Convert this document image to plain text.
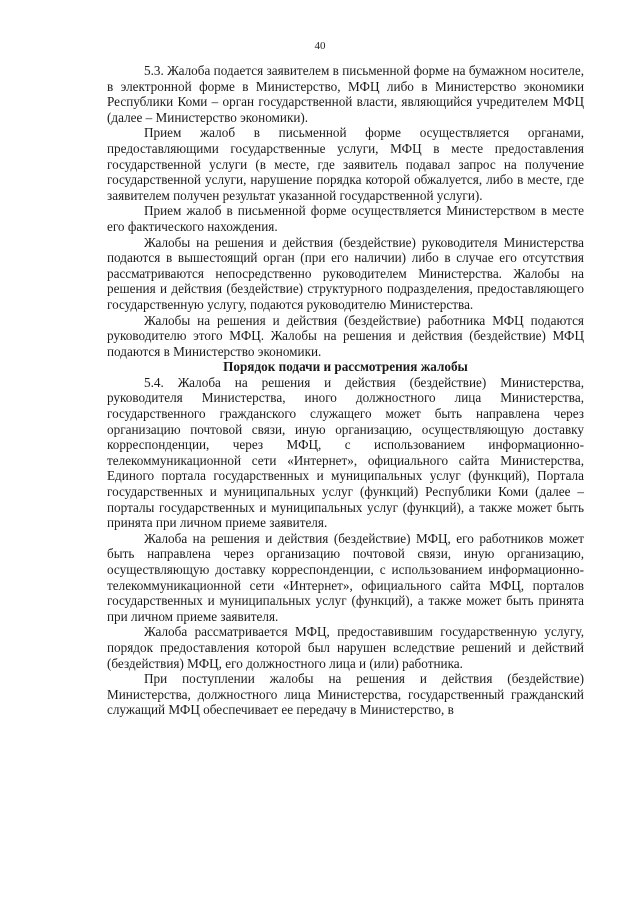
40

5.3. Жалоба подается заявителем в письменной форме на бумажном носителе, в электронной форме в Министерство, МФЦ либо в Министерство экономики Республики Коми – орган государственной власти, являющийся учредителем МФЦ (далее – Министерство экономики).

Прием жалоб в письменной форме осуществляется органами, предоставляющими государственные услуги, МФЦ в месте предоставления государственной услуги (в месте, где заявитель подавал запрос на получение государственной услуги, нарушение порядка которой обжалуется, либо в месте, где заявителем получен результат указанной государственной услуги).

Прием жалоб в письменной форме осуществляется Министерством в месте его фактического нахождения.

Жалобы на решения и действия (бездействие) руководителя Министерства подаются в вышестоящий орган (при его наличии) либо в случае его отсутствия рассматриваются непосредственно руководителем Министерства. Жалобы на решения и действия (бездействие) структурного подразделения, предоставляющего государственную услугу, подаются руководителю Министерства.

Жалобы на решения и действия (бездействие) работника МФЦ подаются руководителю этого МФЦ. Жалобы на решения и действия (бездействие) МФЦ подаются в Министерство экономики.

Порядок подачи и рассмотрения жалобы

5.4. Жалоба на решения и действия (бездействие) Министерства, руководителя Министерства, иного должностного лица Министерства, государственного гражданского служащего может быть направлена через организацию почтовой связи, иную организацию, осуществляющую доставку корреспонденции, через МФЦ, с использованием информационно-телекоммуникационной сети «Интернет», официального сайта Министерства, Единого портала государственных и муниципальных услуг (функций), Портала государственных и муниципальных услуг (функций) Республики Коми (далее – порталы государственных и муниципальных услуг (функций), а также может быть принята при личном приеме заявителя.

Жалоба на решения и действия (бездействие) МФЦ, его работников может быть направлена через организацию почтовой связи, иную организацию, осуществляющую доставку корреспонденции, с использованием информационно-телекоммуникационной сети «Интернет», официального сайта МФЦ, порталов государственных и муниципальных услуг (функций), а также может быть принята при личном приеме заявителя.

Жалоба рассматривается МФЦ, предоставившим государственную услугу, порядок предоставления которой был нарушен вследствие решений и действий (бездействия) МФЦ, его должностного лица и (или) работника.

При поступлении жалобы на решения и действия (бездействие) Министерства, должностного лица Министерства, государственный гражданский служащий МФЦ обеспечивает ее передачу в Министерство, в
